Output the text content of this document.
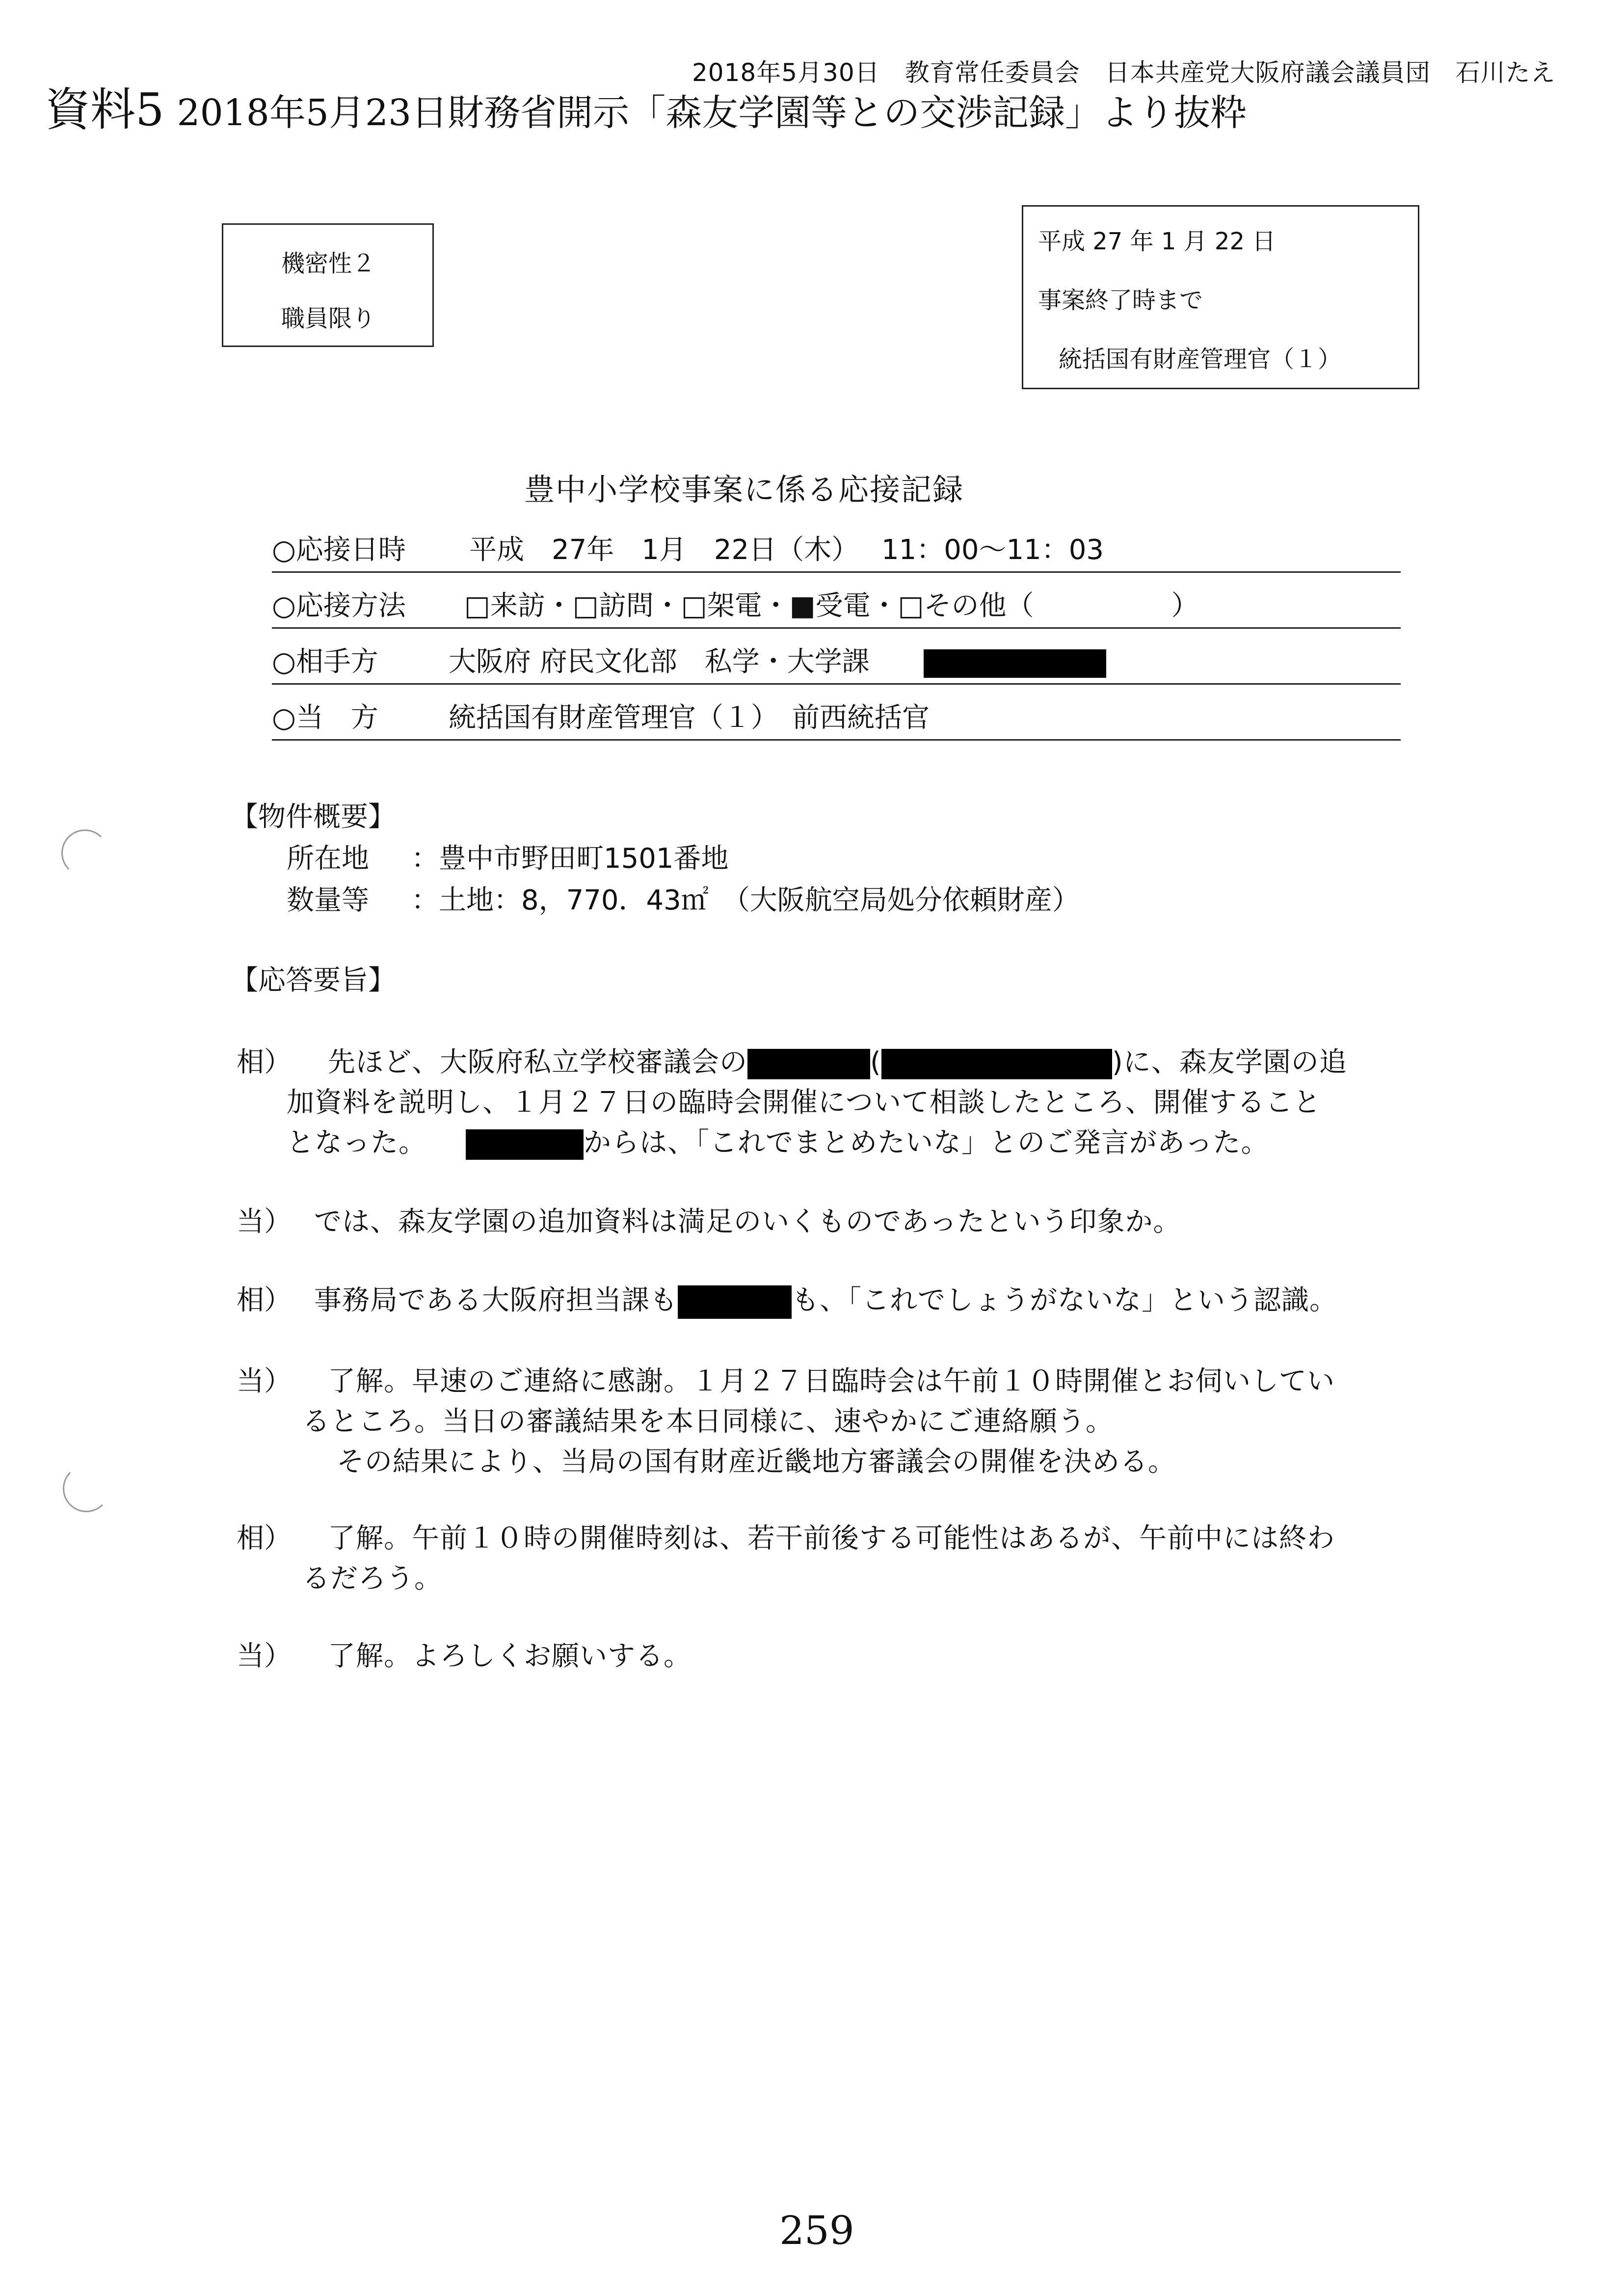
2018年5月30日　教育常任委員会　日本共産党大阪府議会議員団　石川たえ
資料5 2018年5月23日財務省開示「森友学園等との交渉記録」より抜粋
機密性２
職員限り
平成 27 年 1 月 22 日
事案終了時まで
統括国有財産管理官（１）
豊中小学校事案に係る応接記録
○応接日時 平成　27年　1月　22日（木）　 11：00～11：03
○応接方法 □来訪・□訪問・□架電・■受電・□その他（　　　　　）
○相手方	大阪府 府民文化部　私学・大学課
○当　方	統括国有財産管理官（１）　前西統括官
【物件概要】
所在地 ：豊中市野田町1501番地
数量等 ：土地：8，770．43㎡　（大阪航空局処分依頼財産）
【応答要旨】
相） 先ほど、大阪府私立学校審議会の	(	)に、森友学園の追
加資料を説明し、１月２７日の臨時会開催について相談したところ、開催すること
となった。	からは、「これでまとめたいな」とのご発言があった。
当） では、森友学園の追加資料は満足のいくものであったという印象か。
相） 事務局である大阪府担当課も	も、「これでしょうがないな」という認識。
当） 了解。早速のご連絡に感謝。１月２７日臨時会は午前１０時開催とお伺いしてい
るところ。当日の審議結果を本日同様に、速やかにご連絡願う。
その結果により、当局の国有財産近畿地方審議会の開催を決める。
相） 了解。午前１０時の開催時刻は、若干前後する可能性はあるが、午前中には終わ
るだろう。
当） 了解。よろしくお願いする。
259
